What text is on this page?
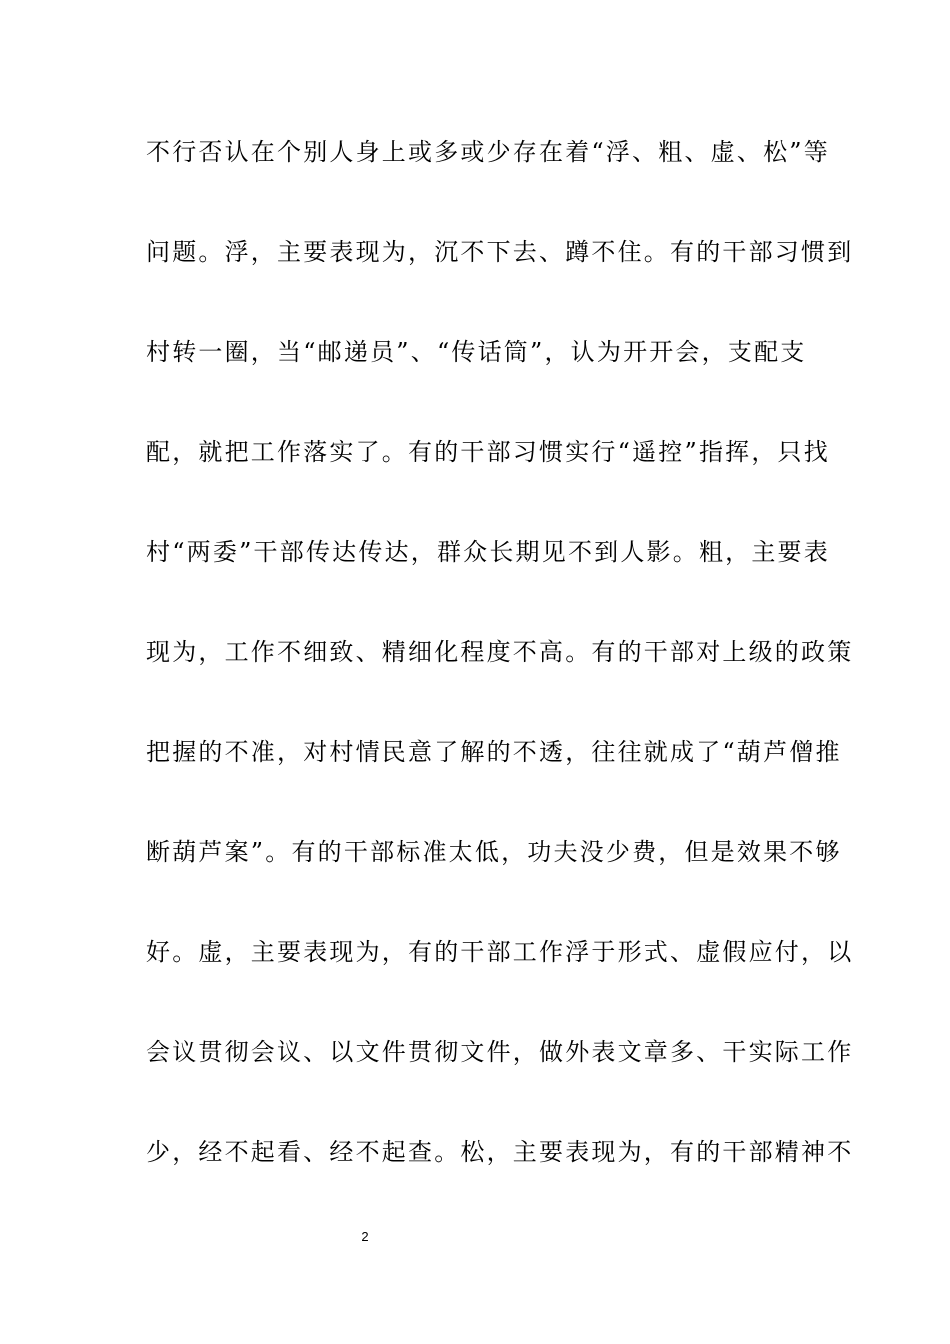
不行否认在个别人身上或多或少存在着“浮、粗、虚、松”等
问题。浮，主要表现为，沉不下去、蹲不住。有的干部习惯到
村转一圈，当“邮递员”、“传话筒”，认为开开会，支配支
配，就把工作落实了。有的干部习惯实行“遥控”指挥，只找
村“两委”干部传达传达，群众长期见不到人影。粗，主要表
现为，工作不细致、精细化程度不高。有的干部对上级的政策
把握的不准，对村情民意了解的不透，往往就成了“葫芦僧推
断葫芦案”。有的干部标准太低，功夫没少费，但是效果不够
好。虚，主要表现为，有的干部工作浮于形式、虚假应付，以
会议贯彻会议、以文件贯彻文件，做外表文章多、干实际工作
少，经不起看、经不起查。松，主要表现为，有的干部精神不
2
